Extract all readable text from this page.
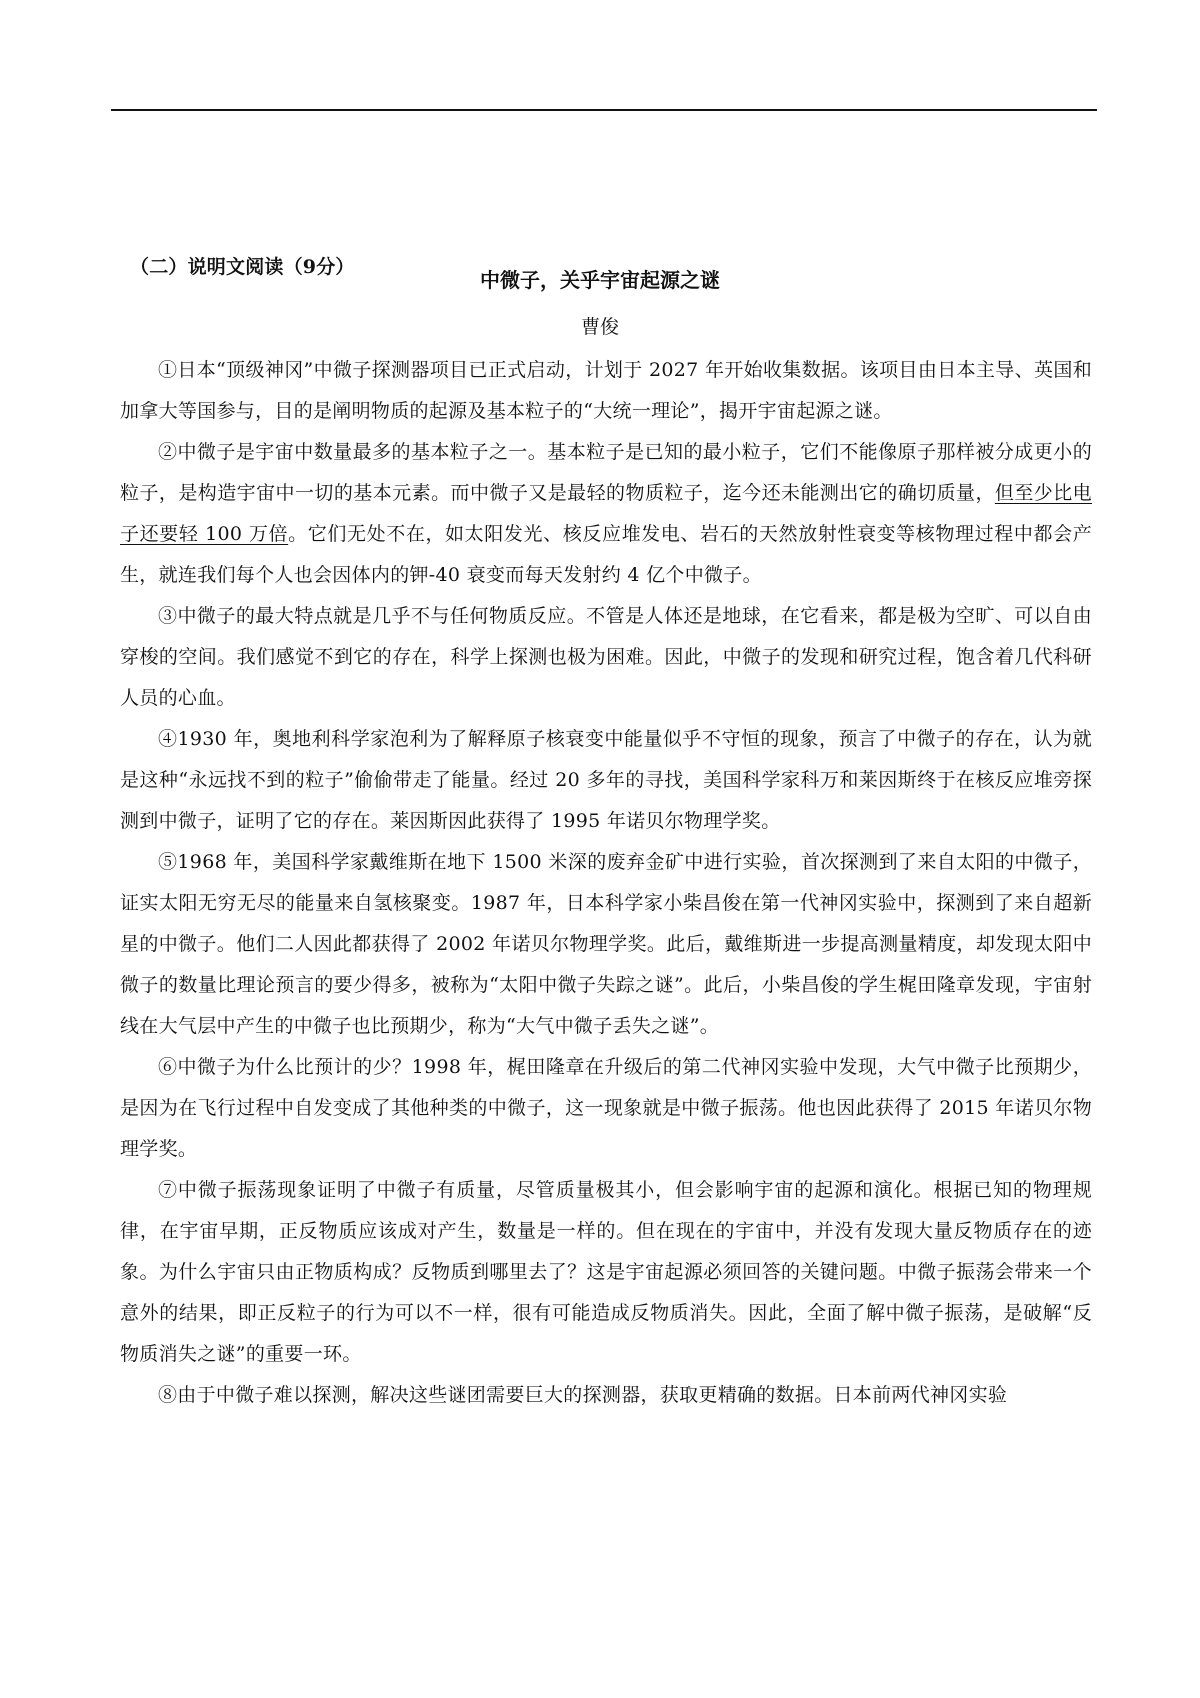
（二）说明文阅读（9分）
中微子，关乎宇宙起源之谜
曹俊

①日本“顶级神冈”中微子探测器项目已正式启动，计划于 2027 年开始收集数据。该项目由日本主导、英国和加拿大等国参与，目的是阐明物质的起源及基本粒子的“大统一理论”，揭开宇宙起源之谜。

②中微子是宇宙中数量最多的基本粒子之一。基本粒子是已知的最小粒子，它们不能像原子那样被分成更小的粒子，是构造宇宙中一切的基本元素。而中微子又是最轻的物质粒子，迄今还未能测出它的确切质量，但至少比电子还要轻 100 万倍。它们无处不在，如太阳发光、核反应堆发电、岩石的天然放射性衰变等核物理过程中都会产生，就连我们每个人也会因体内的钾-40 衰变而每天发射约 4 亿个中微子。

③中微子的最大特点就是几乎不与任何物质反应。不管是人体还是地球，在它看来，都是极为空旷、可以自由穿梭的空间。我们感觉不到它的存在，科学上探测也极为困难。因此，中微子的发现和研究过程，饱含着几代科研人员的心血。

④1930 年，奥地利科学家泡利为了解释原子核衰变中能量似乎不守恒的现象，预言了中微子的存在，认为就是这种“永远找不到的粒子”偷偷带走了能量。经过 20 多年的寻找，美国科学家科万和莱因斯终于在核反应堆旁探测到中微子，证明了它的存在。莱因斯因此获得了 1995 年诺贝尔物理学奖。

⑤1968 年，美国科学家戴维斯在地下 1500 米深的废弃金矿中进行实验，首次探测到了来自太阳的中微子，证实太阳无穷无尽的能量来自氢核聚变。1987 年，日本科学家小柴昌俊在第一代神冈实验中，探测到了来自超新星的中微子。他们二人因此都获得了 2002 年诺贝尔物理学奖。此后，戴维斯进一步提高测量精度，却发现太阳中微子的数量比理论预言的要少得多，被称为“太阳中微子失踪之谜”。此后，小柴昌俊的学生梶田隆章发现，宇宙射线在大气层中产生的中微子也比预期少，称为“大气中微子丢失之谜”。

⑥中微子为什么比预计的少？1998 年，梶田隆章在升级后的第二代神冈实验中发现，大气中微子比预期少，是因为在飞行过程中自发变成了其他种类的中微子，这一现象就是中微子振荡。他也因此获得了 2015 年诺贝尔物理学奖。

⑦中微子振荡现象证明了中微子有质量，尽管质量极其小，但会影响宇宙的起源和演化。根据已知的物理规律，在宇宙早期，正反物质应该成对产生，数量是一样的。但在现在的宇宙中，并没有发现大量反物质存在的迹象。为什么宇宙只由正物质构成？反物质到哪里去了？这是宇宙起源必须回答的关键问题。中微子振荡会带来一个意外的结果，即正反粒子的行为可以不一样，很有可能造成反物质消失。因此，全面了解中微子振荡，是破解“反物质消失之谜”的重要一环。

⑧由于中微子难以探测，解决这些谜团需要巨大的探测器，获取更精确的数据。日本前两代神冈实验
